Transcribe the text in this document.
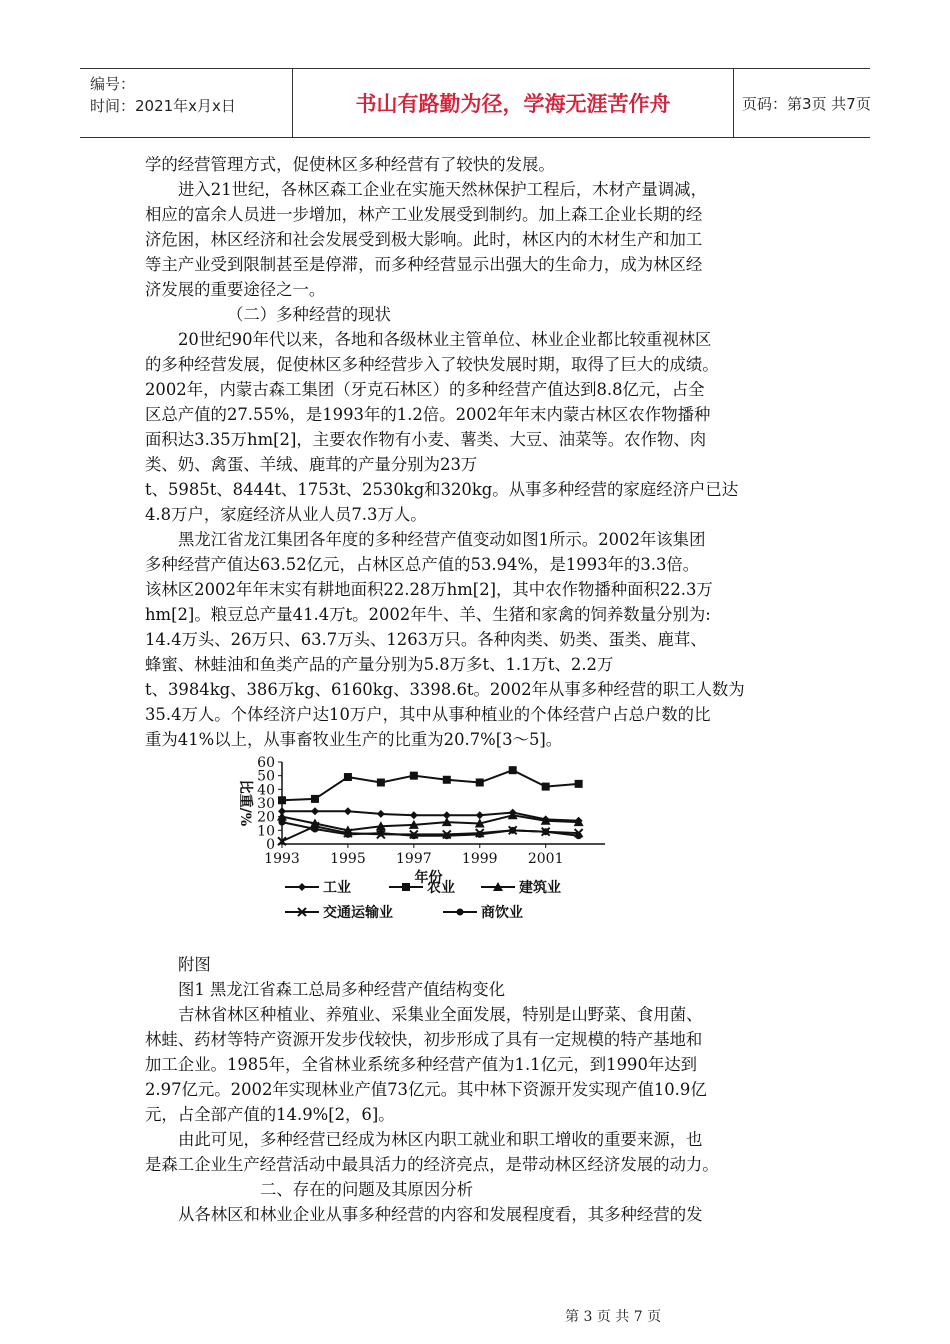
编号：
时间：2021年x月x日	书山有路勤为径，学海无涯苦作舟	页码：第3页 共7页
学的经营管理方式，促使林区多种经营有了较快的发展。
进入21世纪，各林区森工企业在实施天然林保护工程后，木材产量调减，
相应的富余人员进一步增加，林产工业发展受到制约。加上森工企业长期的经
济危困，林区经济和社会发展受到极大影响。此时，林区内的木材生产和加工
等主产业受到限制甚至是停滞，而多种经营显示出强大的生命力，成为林区经
济发展的重要途径之一。
（二）多种经营的现状
20世纪90年代以来，各地和各级林业主管单位、林业企业都比较重视林区
的多种经营发展，促使林区多种经营步入了较快发展时期，取得了巨大的成绩。
2002年，内蒙古森工集团（牙克石林区）的多种经营产值达到8.8亿元，占全
区总产值的27.55%，是1993年的1.2倍。2002年年末内蒙古林区农作物播种
面积达3.35万hm[2]，主要农作物有小麦、薯类、大豆、油菜等。农作物、肉
类、奶、禽蛋、羊绒、鹿茸的产量分别为23万
t、5985t、8444t、1753t、2530kg和320kg。从事多种经营的家庭经济户已达
4.8万户，家庭经济从业人员7.3万人。
黑龙江省龙江集团各年度的多种经营产值变动如图1所示。2002年该集团
多种经营产值达63.52亿元，占林区总产值的53.94%，是1993年的3.3倍。
该林区2002年年末实有耕地面积22.28万hm[2]，其中农作物播种面积22.3万
hm[2]。粮豆总产量41.4万t。2002年牛、羊、生猪和家禽的饲养数量分别为:
14.4万头、26万只、63.7万头、1263万只。各种肉类、奶类、蛋类、鹿茸、
蜂蜜、林蛙油和鱼类产品的产量分别为5.8万多t、1.1万t、2.2万
t、3984kg、386万kg、6160kg、3398.6t。2002年从事多种经营的职工人数为
35.4万人。个体经济户达10万户，其中从事种植业的个体经营户占总户数的比
重为41%以上，从事畜牧业生产的比重为20.7%[3～5]。
0
10
20
30
40
50
60
1993 1995 1997 1999 2001
年份
比重/%
工业	农业	建筑业
交通运输业	商饮业
附图
图1 黑龙江省森工总局多种经营产值结构变化
吉林省林区种植业、养殖业、采集业全面发展，特别是山野菜、食用菌、
林蛙、药材等特产资源开发步伐较快，初步形成了具有一定规模的特产基地和
加工企业。1985年，全省林业系统多种经营产值为1.1亿元，到1990年达到
2.97亿元。2002年实现林业产值73亿元。其中林下资源开发实现产值10.9亿
元，占全部产值的14.9%[2，6]。
由此可见，多种经营已经成为林区内职工就业和职工增收的重要来源，也
是森工企业生产经营活动中最具活力的经济亮点，是带动林区经济发展的动力。
二、存在的问题及其原因分析
从各林区和林业企业从事多种经营的内容和发展程度看，其多种经营的发
第 3 页 共 7 页
